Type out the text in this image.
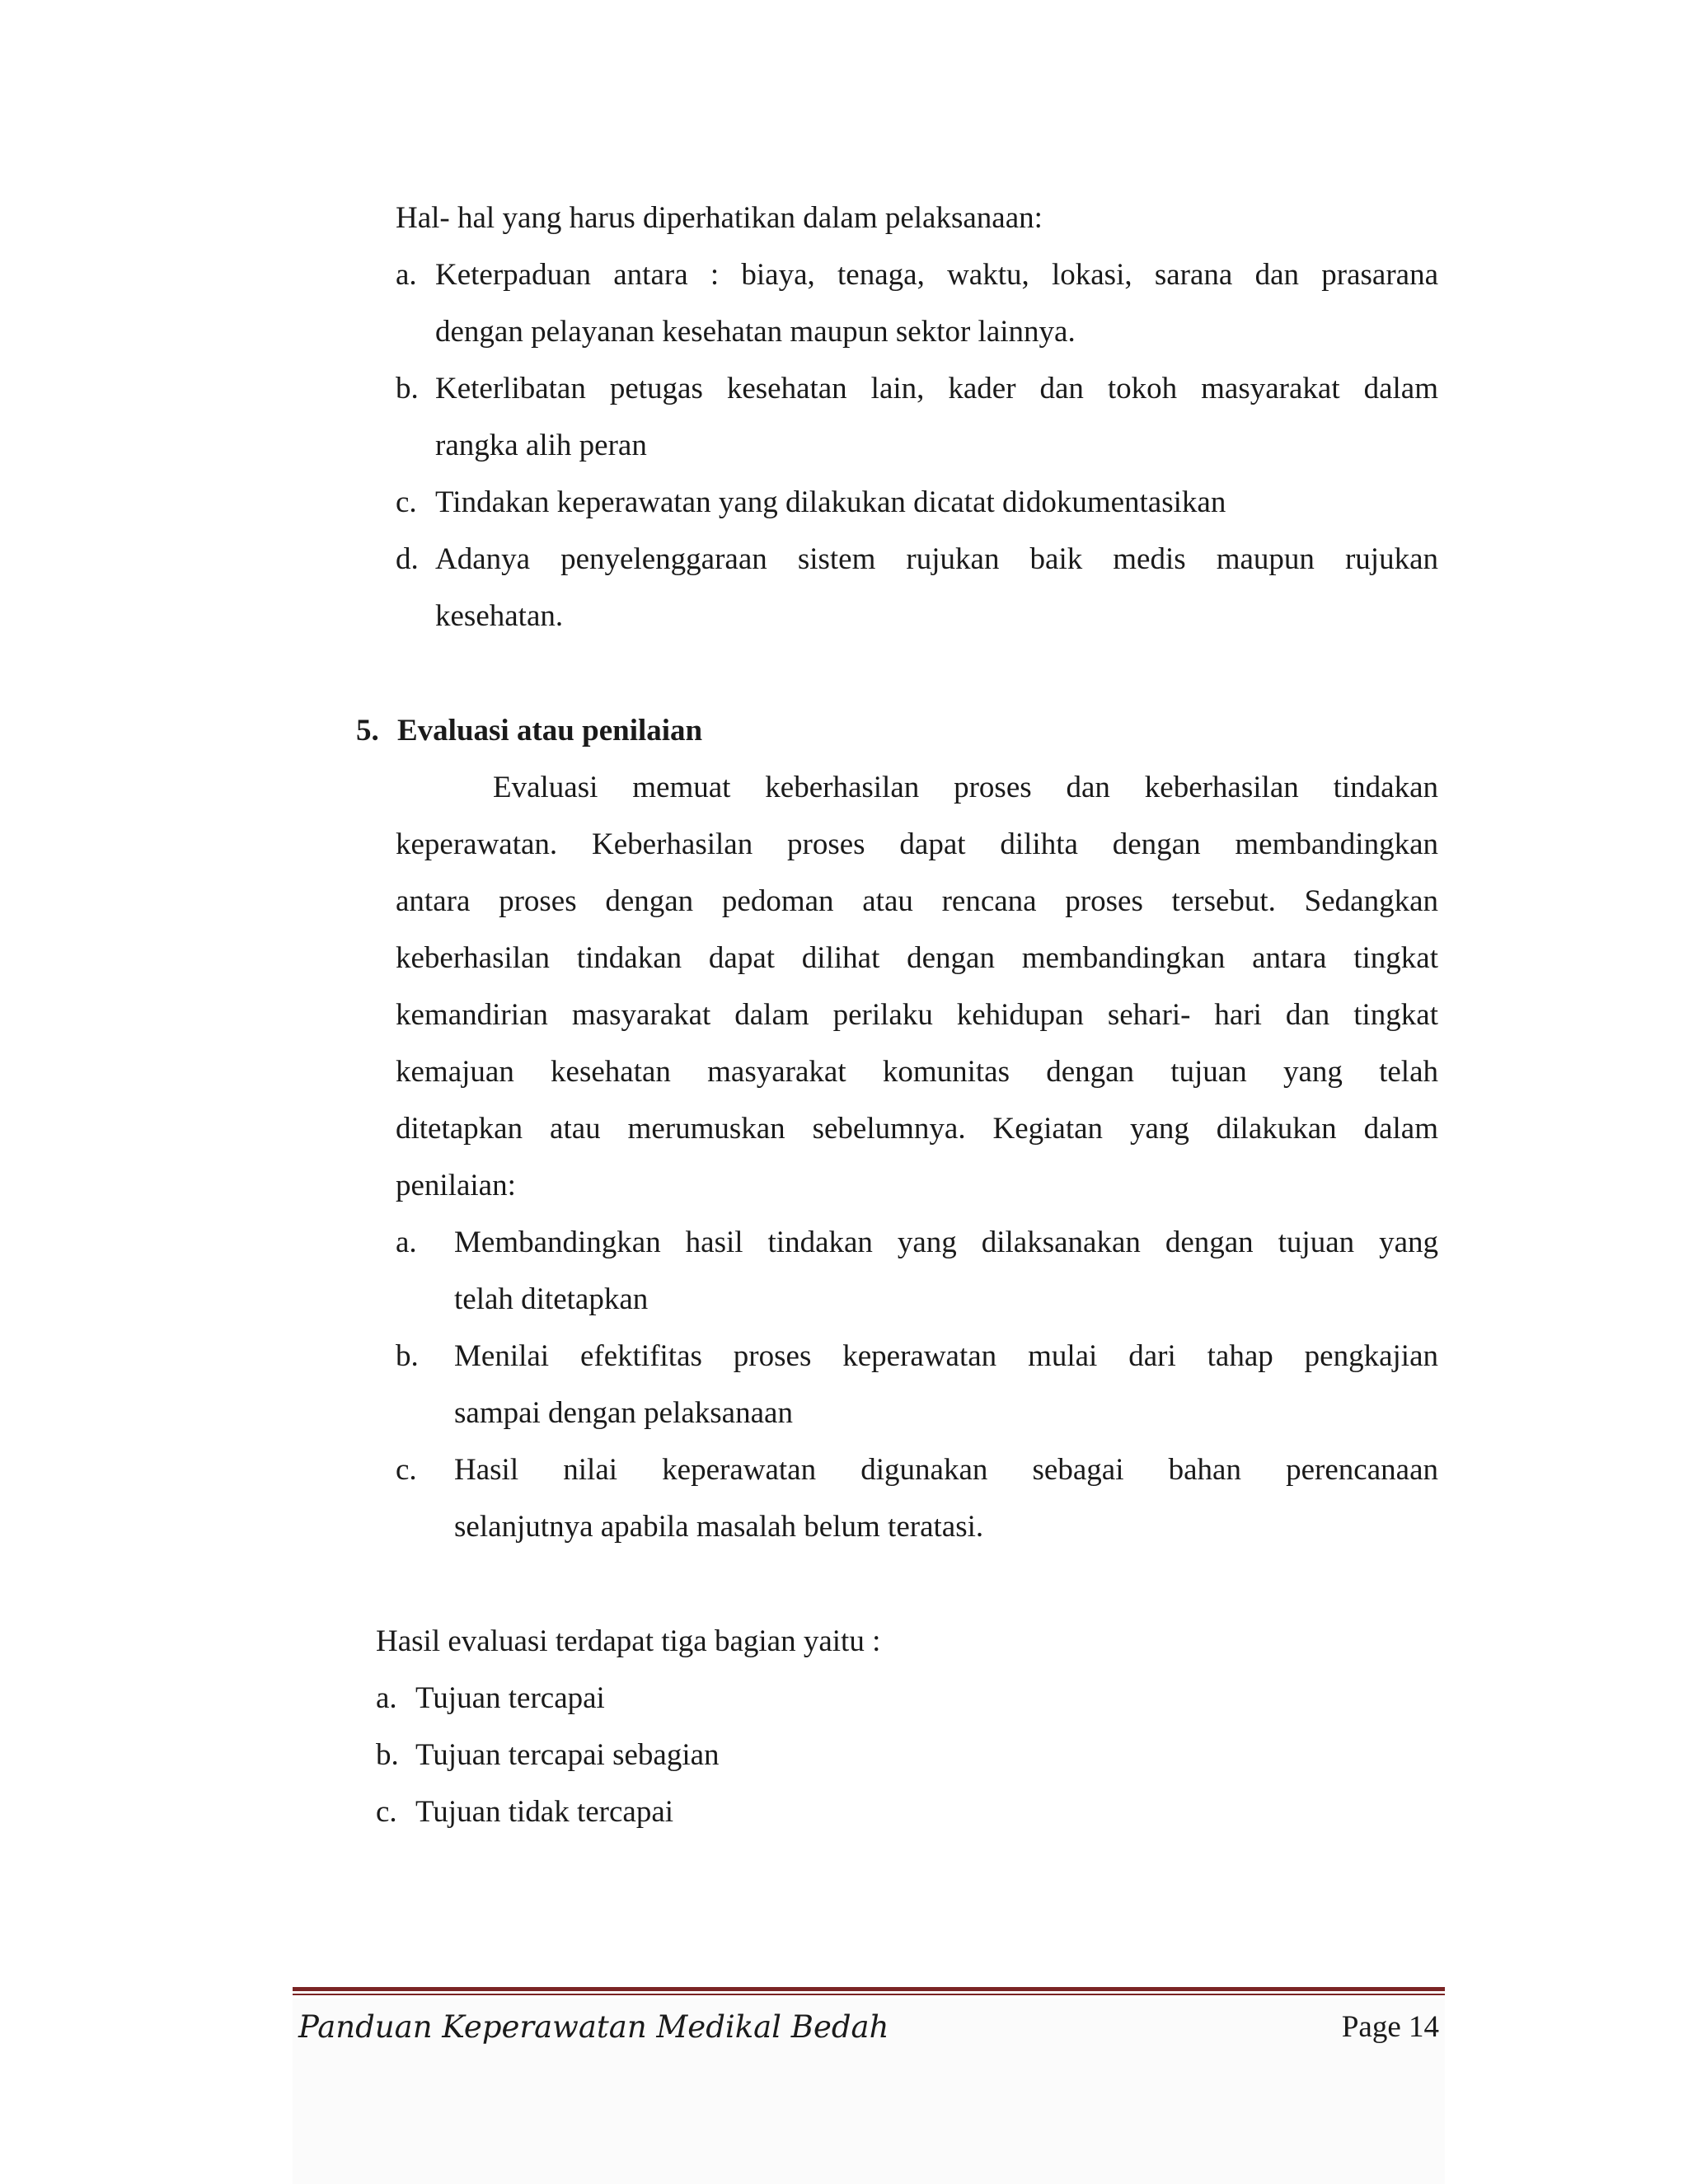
Hal- hal yang harus diperhatikan dalam pelaksanaan:
a. Keterpaduan antara : biaya, tenaga, waktu, lokasi, sarana dan prasarana
dengan pelayanan kesehatan maupun sektor lainnya.
b. Keterlibatan petugas kesehatan lain, kader dan tokoh masyarakat dalam
rangka alih peran
c. Tindakan keperawatan yang dilakukan dicatat didokumentasikan
d. Adanya penyelenggaraan sistem rujukan baik medis maupun rujukan
kesehatan.
5. Evaluasi atau penilaian
Evaluasi memuat keberhasilan proses dan keberhasilan tindakan
keperawatan. Keberhasilan proses dapat dilihta dengan membandingkan
antara proses dengan pedoman atau rencana proses tersebut. Sedangkan
keberhasilan tindakan dapat dilihat dengan membandingkan antara tingkat
kemandirian masyarakat dalam perilaku kehidupan sehari- hari dan tingkat
kemajuan kesehatan masyarakat komunitas dengan tujuan yang telah
ditetapkan atau merumuskan sebelumnya. Kegiatan yang dilakukan dalam
penilaian:
a. Membandingkan hasil tindakan yang dilaksanakan dengan tujuan yang
telah ditetapkan
b. Menilai efektifitas proses keperawatan mulai dari tahap pengkajian
sampai dengan pelaksanaan
c. Hasil nilai keperawatan digunakan sebagai bahan perencanaan
selanjutnya apabila masalah belum teratasi.
Hasil evaluasi terdapat tiga bagian yaitu :
a. Tujuan tercapai
b. Tujuan tercapai sebagian
c. Tujuan tidak tercapai
Panduan Keperawatan Medikal Bedah	Page 14
